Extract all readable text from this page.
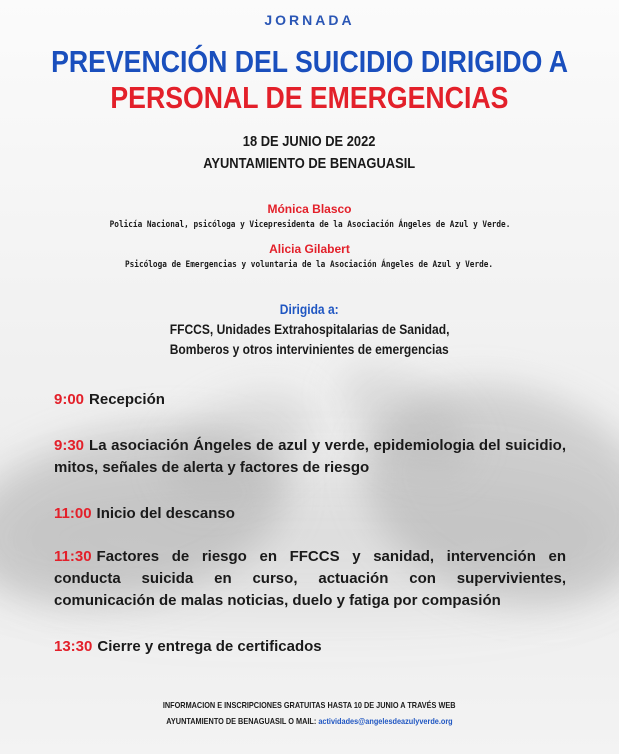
JORNADA
PREVENCIÓN DEL SUICIDIO DIRIGIDO A
PERSONAL DE EMERGENCIAS
18 DE JUNIO DE 2022
AYUNTAMIENTO DE BENAGUASIL
Mónica Blasco
Policía Nacional, psicóloga y Vicepresidenta de la Asociación Ángeles de Azul y Verde.
Alicia Gilabert
Psicóloga de Emergencias y voluntaria de la Asociación Ángeles de Azul y Verde.
Dirigida a:
FFCCS, Unidades Extrahospitalarias de Sanidad,
Bomberos y otros intervinientes de emergencias
9:00 Recepción
9:30 La asociación Ángeles de azul y verde, epidemiologia del suicidio, mitos, señales de alerta y factores de riesgo
11:00 Inicio del descanso
11:30 Factores de riesgo en FFCCS y sanidad, intervención en conducta suicida en curso, actuación con supervivientes, comunicación de malas noticias, duelo y fatiga por compasión
13:30 Cierre y entrega de certificados
INFORMACION E INSCRIPCIONES GRATUITAS HASTA 10 DE JUNIO A TRAVÉS WEB
AYUNTAMIENTO DE BENAGUASIL O MAIL: actividades@angelesdeazulyverde.org
